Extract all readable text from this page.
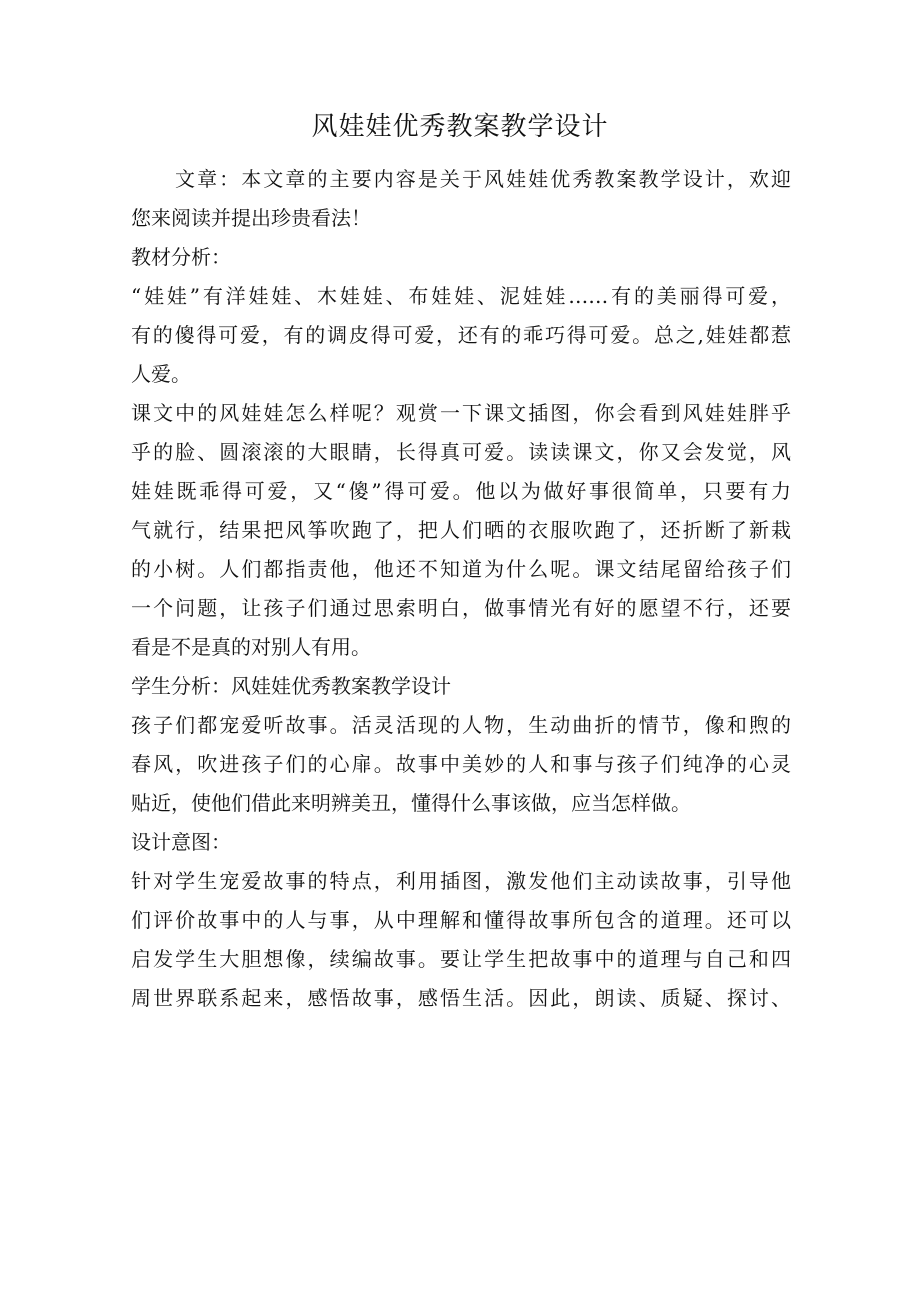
风娃娃优秀教案教学设计
文章：本文章的主要内容是关于风娃娃优秀教案教学设计，欢迎
您来阅读并提出珍贵看法！
教材分析：
“娃娃”有洋娃娃、木娃娃、布娃娃、泥娃娃……有的美丽得可爱，
有的傻得可爱，有的调皮得可爱，还有的乖巧得可爱。总之,娃娃都惹
人爱。
课文中的风娃娃怎么样呢？观赏一下课文插图，你会看到风娃娃胖乎
乎的脸、圆滚滚的大眼睛，长得真可爱。读读课文，你又会发觉，风
娃娃既乖得可爱，又“傻”得可爱。他以为做好事很简单，只要有力
气就行，结果把风筝吹跑了，把人们晒的衣服吹跑了，还折断了新栽
的小树。人们都指责他，他还不知道为什么呢。课文结尾留给孩子们
一个问题，让孩子们通过思索明白，做事情光有好的愿望不行，还要
看是不是真的对别人有用。
学生分析：风娃娃优秀教案教学设计
孩子们都宠爱听故事。活灵活现的人物，生动曲折的情节，像和煦的
春风，吹进孩子们的心扉。故事中美妙的人和事与孩子们纯净的心灵
贴近，使他们借此来明辨美丑，懂得什么事该做，应当怎样做。
设计意图：
针对学生宠爱故事的特点，利用插图，激发他们主动读故事，引导他
们评价故事中的人与事，从中理解和懂得故事所包含的道理。还可以
启发学生大胆想像，续编故事。要让学生把故事中的道理与自己和四
周世界联系起来，感悟故事，感悟生活。因此，朗读、质疑、探讨、
